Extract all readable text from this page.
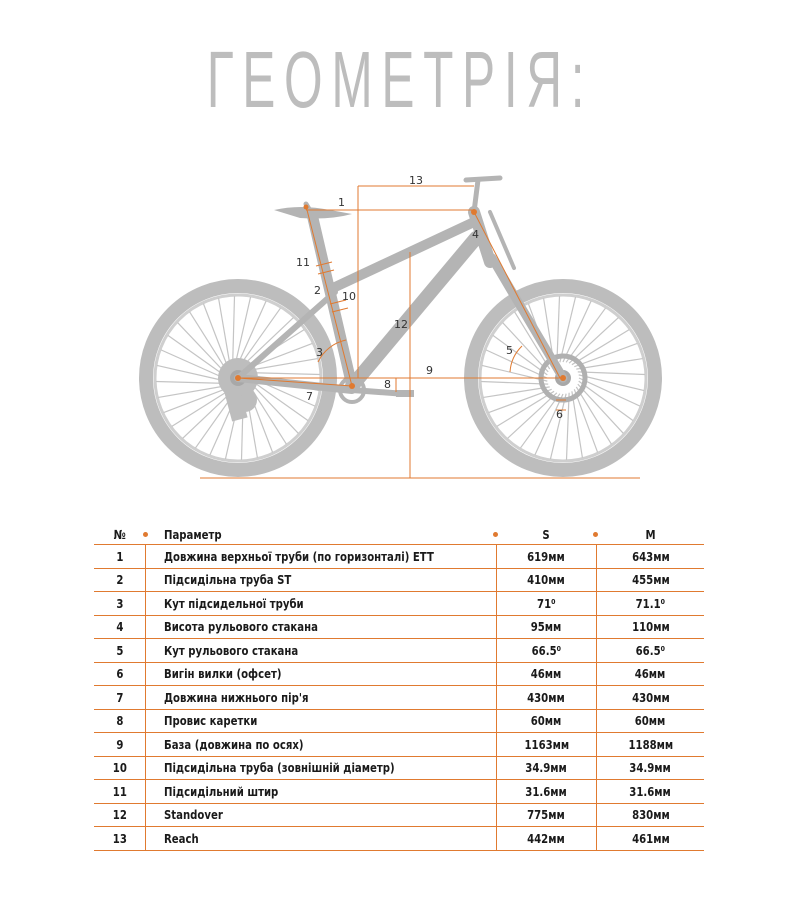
ГЕОМЕТРІЯ:
1
2
3
4
5
6
7
8
9
10
11
12
13
№	Параметр	S	M
1	Довжина верхньої труби (по горизонталі) ETT	619мм	643мм
2	Підсидільна труба ST	410мм	455мм
3	Кут підсидельної труби	71⁰	71.1⁰
4	Висота рульового стакана	95мм	110мм
5	Кут рульового стакана	66.5⁰	66.5⁰
6	Вигін вилки (офсет)	46мм	46мм
7	Довжина нижнього пір'я	430мм	430мм
8	Провис каретки	60мм	60мм
9	База (довжина по осях)	1163мм	1188мм
10	Підсидільна труба (зовнішній діаметр)	34.9мм	34.9мм
11	Підсидільний штир	31.6мм	31.6мм
12	Standover	775мм	830мм
13	Reach	442мм	461мм
